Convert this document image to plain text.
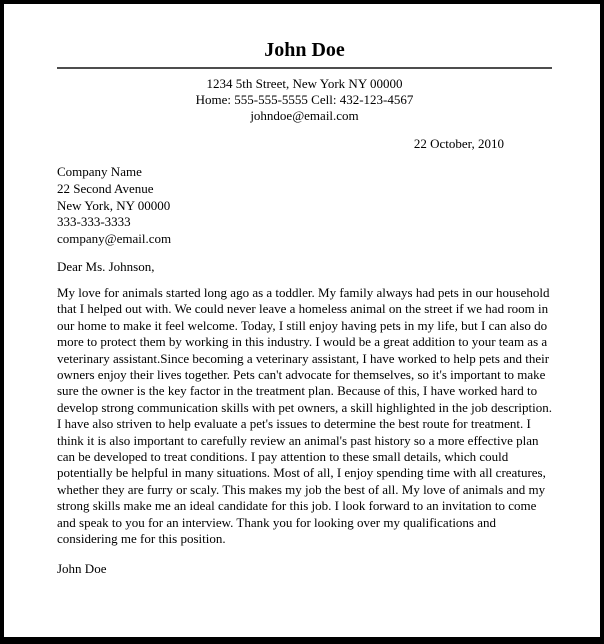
John Doe
1234 5th Street, New York NY 00000
Home: 555-555-5555 Cell: 432-123-4567
johndoe@email.com
22 October, 2010
Company Name
22 Second Avenue
New York, NY 00000
333-333-3333
company@email.com

Dear Ms. Johnson,

My love for animals started long ago as a toddler. My family always had pets in our household that I helped out with. We could never leave a homeless animal on the street if we had room in our home to make it feel welcome. Today, I still enjoy having pets in my life, but I can also do more to protect them by working in this industry. I would be a great addition to your team as a veterinary assistant.Since becoming a veterinary assistant, I have worked to help pets and their owners enjoy their lives together. Pets can't advocate for themselves, so it's important to make sure the owner is the key factor in the treatment plan. Because of this, I have worked hard to develop strong communication skills with pet owners, a skill highlighted in the job description. I have also striven to help evaluate a pet's issues to determine the best route for treatment. I think it is also important to carefully review an animal's past history so a more effective plan can be developed to treat conditions. I pay attention to these small details, which could potentially be helpful in many situations. Most of all, I enjoy spending time with all creatures, whether they are furry or scaly. This makes my job the best of all. My love of animals and my strong skills make me an ideal candidate for this job. I look forward to an invitation to come and speak to you for an interview. Thank you for looking over my qualifications and considering me for this position.

John Doe
